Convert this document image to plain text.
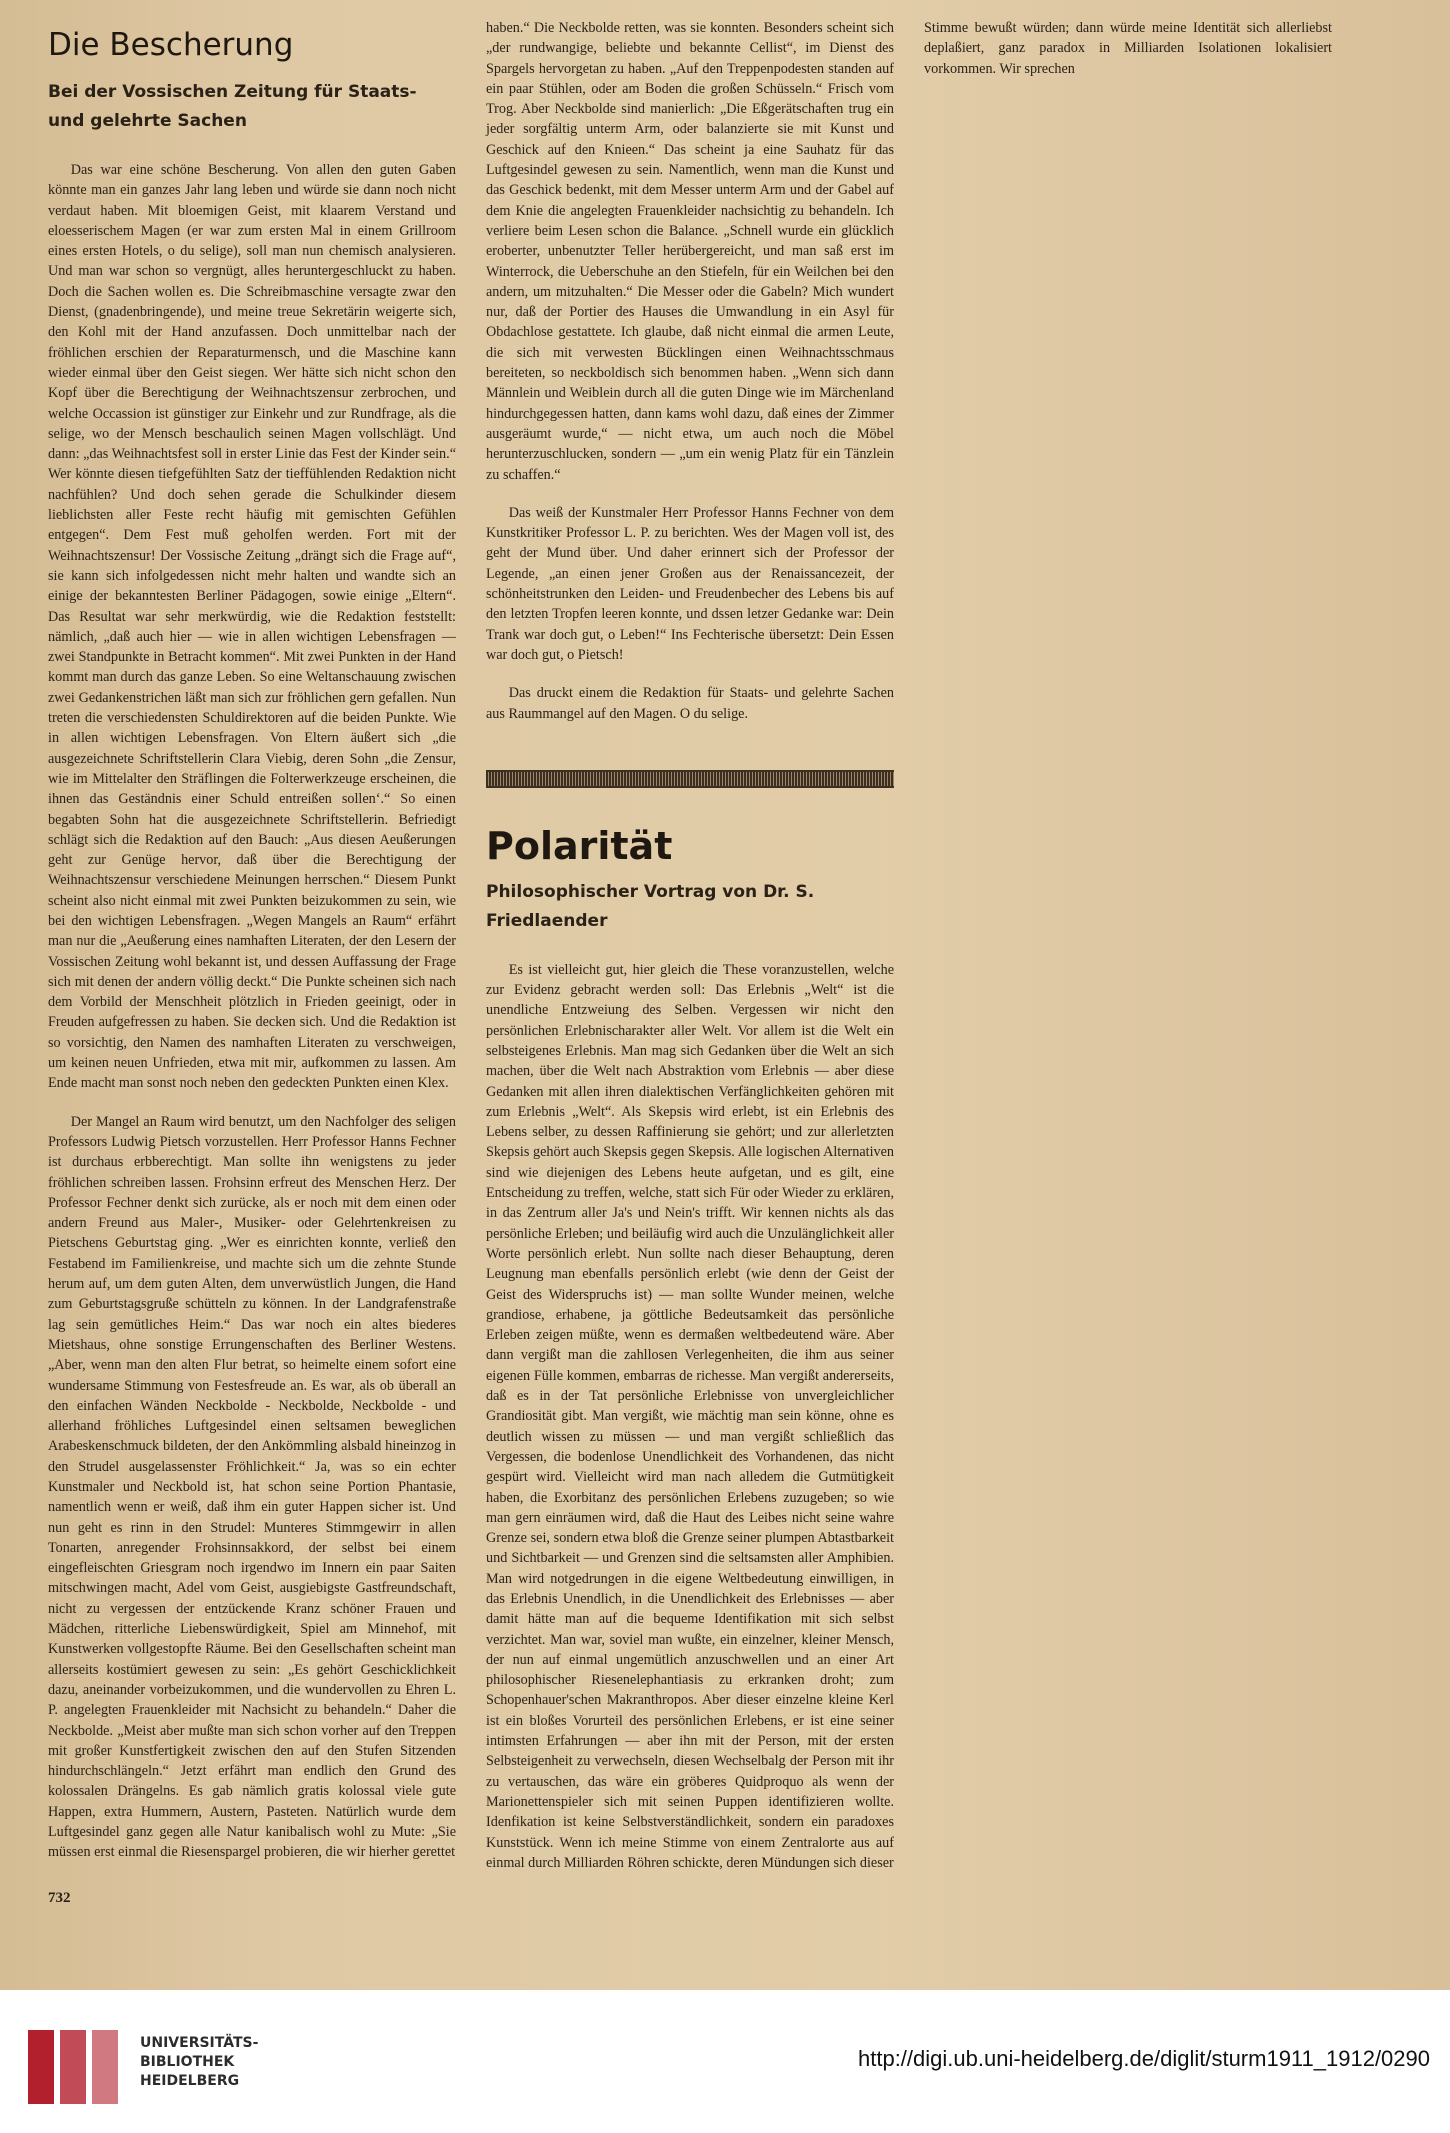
Die Bescherung
Bei der Vossischen Zeitung für Staats- und gelehrte Sachen

Das war eine schöne Bescherung. Von allen den guten Gaben könnte man ein ganzes Jahr lang leben und würde sie dann noch nicht verdaut haben. Mit bloemigen Geist, mit klaarem Verstand und eloesserischem Magen (er war zum ersten Mal in einem Grillroom eines ersten Hotels, o du selige), soll man nun chemisch analysieren. Und man war schon so vergnügt, alles heruntergeschluckt zu haben. Doch die Sachen wollen es. Die Schreibmaschine versagte zwar den Dienst, (gnadenbringende), und meine treue Sekretärin weigerte sich, den Kohl mit der Hand anzufassen. Doch unmittelbar nach der fröhlichen erschien der Reparaturmensch, und die Maschine kann wieder einmal über den Geist siegen. Wer hätte sich nicht schon den Kopf über die Berechtigung der Weihnachtszensur zerbrochen, und welche Occassion ist günstiger zur Einkehr und zur Rundfrage, als die selige, wo der Mensch beschaulich seinen Magen vollschlägt. Und dann: „das Weihnachtsfest soll in erster Linie das Fest der Kinder sein.“ Wer könnte diesen tiefgefühlten Satz der tieffühlenden Redaktion nicht nachfühlen? Und doch sehen gerade die Schulkinder diesem lieblichsten aller Feste recht häufig mit gemischten Gefühlen entgegen“. Dem Fest muß geholfen werden. Fort mit der Weihnachtszensur! Der Vossische Zeitung „drängt sich die Frage auf“, sie kann sich infolgedessen nicht mehr halten und wandte sich an einige der bekanntesten Berliner Pädagogen, sowie einige „Eltern“. Das Resultat war sehr merkwürdig, wie die Redaktion feststellt: nämlich, „daß auch hier — wie in allen wichtigen Lebensfragen — zwei Standpunkte in Betracht kommen“. Mit zwei Punkten in der Hand kommt man durch das ganze Leben. So eine Weltanschauung zwischen zwei Gedankenstrichen läßt man sich zur fröhlichen gern gefallen. Nun treten die verschiedensten Schuldirektoren auf die beiden Punkte. Wie in allen wichtigen Lebensfragen. Von Eltern äußert sich „die ausgezeichnete Schriftstellerin Clara Viebig, deren Sohn „die Zensur, wie im Mittelalter den Sträflingen die Folterwerkzeuge erscheinen, die ihnen das Geständnis einer Schuld entreißen sollen‘.“ So einen begabten Sohn hat die ausgezeichnete Schriftstellerin. Befriedigt schlägt sich die Redaktion auf den Bauch: „Aus diesen Aeußerungen geht zur Genüge hervor, daß über die Berechtigung der Weihnachtszensur verschiedene Meinungen herrschen.“ Diesem Punkt scheint also nicht einmal mit zwei Punkten beizukommen zu sein, wie bei den wichtigen Lebensfragen. „Wegen Mangels an Raum“ erfährt man nur die „Aeußerung eines namhaften Literaten, der den Lesern der Vossischen Zeitung wohl bekannt ist, und dessen Auffassung der Frage sich mit denen der andern völlig deckt.“ Die Punkte scheinen sich nach dem Vorbild der Menschheit plötzlich in Frieden geeinigt, oder in Freuden aufgefressen zu haben. Sie decken sich. Und die Redaktion ist so vorsichtig, den Namen des namhaften Literaten zu verschweigen, um keinen neuen Unfrieden, etwa mit mir, aufkommen zu lassen. Am Ende macht man sonst noch neben den gedeckten Punkten einen Klex.

Der Mangel an Raum wird benutzt, um den Nachfolger des seligen Professors Ludwig Pietsch vorzustellen. Herr Professor Hanns Fechner ist durchaus erbberechtigt. Man sollte ihn wenigstens zu jeder fröhlichen schreiben lassen. Frohsinn erfreut des Menschen Herz. Der Professor Fechner denkt sich zurücke, als er noch mit dem einen oder andern Freund aus Maler-, Musiker- oder Gelehrtenkreisen zu Pietschens Geburtstag ging. „Wer es einrichten konnte, verließ den Festabend im Familienkreise, und machte sich um die zehnte Stunde herum auf, um dem guten Alten, dem unverwüstlich Jungen, die Hand zum Geburtstagsgruße schütteln zu können. In der Landgrafenstraße lag sein gemütliches Heim.“ Das war noch ein altes biederes Mietshaus, ohne sonstige Errungenschaften des Berliner Westens. „Aber, wenn man den alten Flur betrat, so heimelte einem sofort eine wundersame Stimmung von Festesfreude an. Es war, als ob überall an den einfachen Wänden Neckbolde - Neckbolde, Neckbolde - und allerhand fröhliches Luftgesindel einen seltsamen beweglichen Arabeskenschmuck bildeten, der den Ankömmling alsbald hineinzog in den Strudel ausgelassenster Fröhlichkeit.“ Ja, was so ein echter Kunstmaler und Neckbold ist, hat schon seine Portion Phantasie, namentlich wenn er weiß, daß ihm ein guter Happen sicher ist. Und nun geht es rinn in den Strudel: Munteres Stimmgewirr in allen Tonarten, anregender Frohsinnsakkord, der selbst bei einem eingefleischten Griesgram noch irgendwo im Innern ein paar Saiten mitschwingen macht, Adel vom Geist, ausgiebigste Gastfreundschaft, nicht zu vergessen der entzückende Kranz schöner Frauen und Mädchen, ritterliche Liebenswürdigkeit, Spiel am Minnehof, mit Kunstwerken vollgestopfte Räume. Bei den Gesellschaften scheint man allerseits kostümiert gewesen zu sein: „Es gehört Geschicklichkeit dazu, aneinander vorbeizukommen, und die wundervollen zu Ehren L. P. angelegten Frauenkleider mit Nachsicht zu behandeln.“ Daher die Neckbolde. „Meist aber mußte man sich schon vorher auf den Treppen mit großer Kunstfertigkeit zwischen den auf den Stufen Sitzenden hindurchschlängeln.“ Jetzt erfährt man endlich den Grund des kolossalen Drängelns. Es gab nämlich gratis kolossal viele gute Happen, extra Hummern, Austern, Pasteten. Natürlich wurde dem Luftgesindel ganz gegen alle Natur kanibalisch wohl zu Mute: „Sie müssen erst einmal die Riesenspargel probieren, die wir hierher gerettet

haben.“ Die Neckbolde retten, was sie konnten. Besonders scheint sich „der rundwangige, beliebte und bekannte Cellist“, im Dienst des Spargels hervorgetan zu haben. „Auf den Treppenpodesten standen auf ein paar Stühlen, oder am Boden die großen Schüsseln.“ Frisch vom Trog. Aber Neckbolde sind manierlich: „Die Eßgerätschaften trug ein jeder sorgfältig unterm Arm, oder balanzierte sie mit Kunst und Geschick auf den Knieen.“ Das scheint ja eine Sauhatz für das Luftgesindel gewesen zu sein. Namentlich, wenn man die Kunst und das Geschick bedenkt, mit dem Messer unterm Arm und der Gabel auf dem Knie die angelegten Frauenkleider nachsichtig zu behandeln. Ich verliere beim Lesen schon die Balance. „Schnell wurde ein glücklich eroberter, unbenutzter Teller herübergereicht, und man saß erst im Winterrock, die Ueberschuhe an den Stiefeln, für ein Weilchen bei den andern, um mitzuhalten.“ Die Messer oder die Gabeln? Mich wundert nur, daß der Portier des Hauses die Umwandlung in ein Asyl für Obdachlose gestattete. Ich glaube, daß nicht einmal die armen Leute, die sich mit verwesten Bücklingen einen Weihnachtsschmaus bereiteten, so neckboldisch sich benommen haben. „Wenn sich dann Männlein und Weiblein durch all die guten Dinge wie im Märchenland hindurchgegessen hatten, dann kams wohl dazu, daß eines der Zimmer ausgeräumt wurde,“ — nicht etwa, um auch noch die Möbel herunterzuschlucken, sondern — „um ein wenig Platz für ein Tänzlein zu schaffen.“

Das weiß der Kunstmaler Herr Professor Hanns Fechner von dem Kunstkritiker Professor L. P. zu berichten. Wes der Magen voll ist, des geht der Mund über. Und daher erinnert sich der Professor der Legende, „an einen jener Großen aus der Renaissancezeit, der schönheitstrunken den Leiden- und Freudenbecher des Lebens bis auf den letzten Tropfen leeren konnte, und dssen letzer Gedanke war: Dein Trank war doch gut, o Leben!“ Ins Fechterische übersetzt: Dein Essen war doch gut, o Pietsch!

Das druckt einem die Redaktion für Staats- und gelehrte Sachen aus Raummangel auf den Magen. O du selige.

Polarität
Philosophischer Vortrag von Dr. S. Friedlaender

Es ist vielleicht gut, hier gleich die These voranzustellen, welche zur Evidenz gebracht werden soll: Das Erlebnis „Welt“ ist die unendliche Entzweiung des Selben. Vergessen wir nicht den persönlichen Erlebnischarakter aller Welt. Vor allem ist die Welt ein selbsteigenes Erlebnis. Man mag sich Gedanken über die Welt an sich machen, über die Welt nach Abstraktion vom Erlebnis — aber diese Gedanken mit allen ihren dialektischen Verfänglichkeiten gehören mit zum Erlebnis „Welt“. Als Skepsis wird erlebt, ist ein Erlebnis des Lebens selber, zu dessen Raffinierung sie gehört; und zur allerletzten Skepsis gehört auch Skepsis gegen Skepsis. Alle logischen Alternativen sind wie diejenigen des Lebens heute aufgetan, und es gilt, eine Entscheidung zu treffen, welche, statt sich Für oder Wieder zu erklären, in das Zentrum aller Ja's und Nein's trifft. Wir kennen nichts als das persönliche Erleben; und beiläufig wird auch die Unzulänglichkeit aller Worte persönlich erlebt. Nun sollte nach dieser Behauptung, deren Leugnung man ebenfalls persönlich erlebt (wie denn der Geist der Geist des Widerspruchs ist) — man sollte Wunder meinen, welche grandiose, erhabene, ja göttliche Bedeutsamkeit das persönliche Erleben zeigen müßte, wenn es dermaßen weltbedeutend wäre. Aber dann vergißt man die zahllosen Verlegenheiten, die ihm aus seiner eigenen Fülle kommen, embarras de richesse. Man vergißt andererseits, daß es in der Tat persönliche Erlebnisse von unvergleichlicher Grandiosität gibt. Man vergißt, wie mächtig man sein könne, ohne es deutlich wissen zu müssen — und man vergißt schließlich das Vergessen, die bodenlose Unendlichkeit des Vorhandenen, das nicht gespürt wird. Vielleicht wird man nach alledem die Gutmütigkeit haben, die Exorbitanz des persönlichen Erlebens zuzugeben; so wie man gern einräumen wird, daß die Haut des Leibes nicht seine wahre Grenze sei, sondern etwa bloß die Grenze seiner plumpen Abtastbarkeit und Sichtbarkeit — und Grenzen sind die seltsamsten aller Amphibien. Man wird notgedrungen in die eigene Weltbedeutung einwilligen, in das Erlebnis Unendlich, in die Unendlichkeit des Erlebnisses — aber damit hätte man auf die bequeme Identifikation mit sich selbst verzichtet. Man war, soviel man wußte, ein einzelner, kleiner Mensch, der nun auf einmal ungemütlich anzuschwellen und an einer Art philosophischer Riesenelephantiasis zu erkranken droht; zum Schopenhauer'schen Makranthropos. Aber dieser einzelne kleine Kerl ist ein bloßes Vorurteil des persönlichen Erlebens, er ist eine seiner intimsten Erfahrungen — aber ihn mit der Person, mit der ersten Selbsteigenheit zu verwechseln, diesen Wechselbalg der Person mit ihr zu vertauschen, das wäre ein gröberes Quidproquo als wenn der Marionettenspieler sich mit seinen Puppen identifizieren wollte. Idenfikation ist keine Selbstverständlichkeit, sondern ein paradoxes Kunststück. Wenn ich meine Stimme von einem Zentralorte aus auf einmal durch Milliarden Röhren schickte, deren Mündungen sich dieser

Stimme bewußt würden; dann würde meine Identität sich allerliebst deplaßiert, ganz paradox in Milliarden Isolationen lokalisiert vorkommen. Wir sprechen

732
UNIVERSITÄTS-
BIBLIOTHEK
HEIDELBERG
http://digi.ub.uni-heidelberg.de/diglit/sturm1911_1912/0290
